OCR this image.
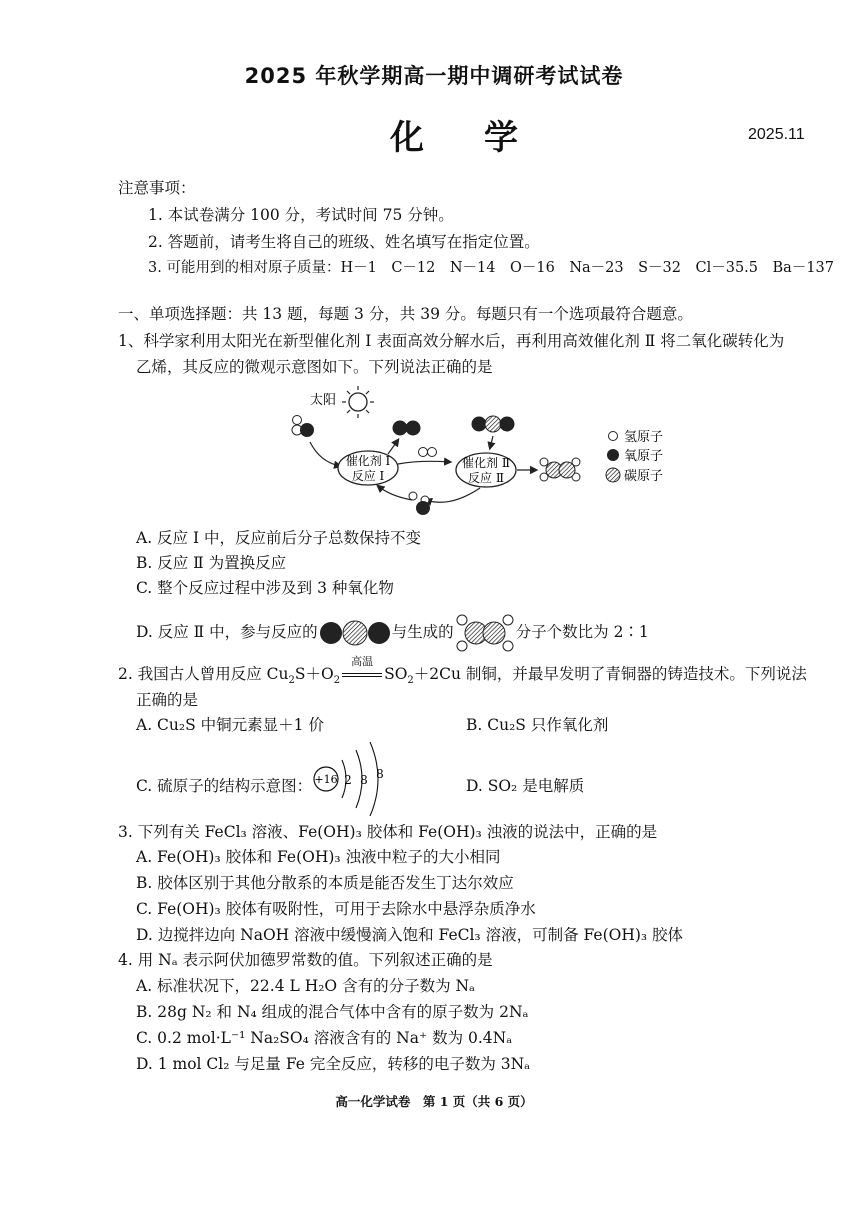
2025 年秋学期高一期中调研考试试卷
化学	2025.11
注意事项：
1. 本试卷满分 100 分，考试时间 75 分钟。
2. 答题前，请考生将自己的班级、姓名填写在指定位置。
3. 可能用到的相对原子质量：H－1　C－12　N－14　O－16　Na－23　S－32　Cl－35.5　Ba－137
一、单项选择题：共 13 题，每题 3 分，共 39 分。每题只有一个选项最符合题意。
1、科学家利用太阳光在新型催化剂 Ⅰ 表面高效分解水后，再利用高效催化剂 Ⅱ 将二氧化碳转化为
乙烯，其反应的微观示意图如下。下列说法正确的是
太阳
催化剂 Ⅰ
反应 Ⅰ
催化剂 Ⅱ
反应 Ⅱ
氢原子
氧原子
碳原子
A. 反应 Ⅰ 中，反应前后分子总数保持不变
B. 反应 Ⅱ 为置换反应
C. 整个反应过程中涉及到 3 种氧化物
D. 反应 Ⅱ 中，参与反应的	与生成的	分子个数比为 2∶1
2. 我国古人曾用反应 $Cu_2S+O_2$
高温
$SO_2+2Cu$ 制铜，并最早发明了青铜器的铸造技术。下列说法
正确的是
A. Cu₂S 中铜元素显＋1 价	B. Cu₂S 只作氧化剂
C. 硫原子的结构示意图： +16 2 8 8
D. SO₂ 是电解质
3. 下列有关 FeCl₃ 溶液、Fe(OH)₃ 胶体和 Fe(OH)₃ 浊液的说法中，正确的是
A. Fe(OH)₃ 胶体和 Fe(OH)₃ 浊液中粒子的大小相同
B. 胶体区别于其他分散系的本质是能否发生丁达尔效应
C. Fe(OH)₃ 胶体有吸附性，可用于去除水中悬浮杂质净水
D. 边搅拌边向 NaOH 溶液中缓慢滴入饱和 FeCl₃ 溶液，可制备 Fe(OH)₃ 胶体
4. 用 Nₐ 表示阿伏加德罗常数的值。下列叙述正确的是
A. 标准状况下，22.4 L H₂O 含有的分子数为 Nₐ
B. 28g N₂ 和 N₄ 组成的混合气体中含有的原子数为 2Nₐ
C. 0.2 mol·L⁻¹ Na₂SO₄ 溶液含有的 Na⁺ 数为 0.4Nₐ
D. 1 mol Cl₂ 与足量 Fe 完全反应，转移的电子数为 3Nₐ
高一化学试卷　第 1 页（共 6 页）
